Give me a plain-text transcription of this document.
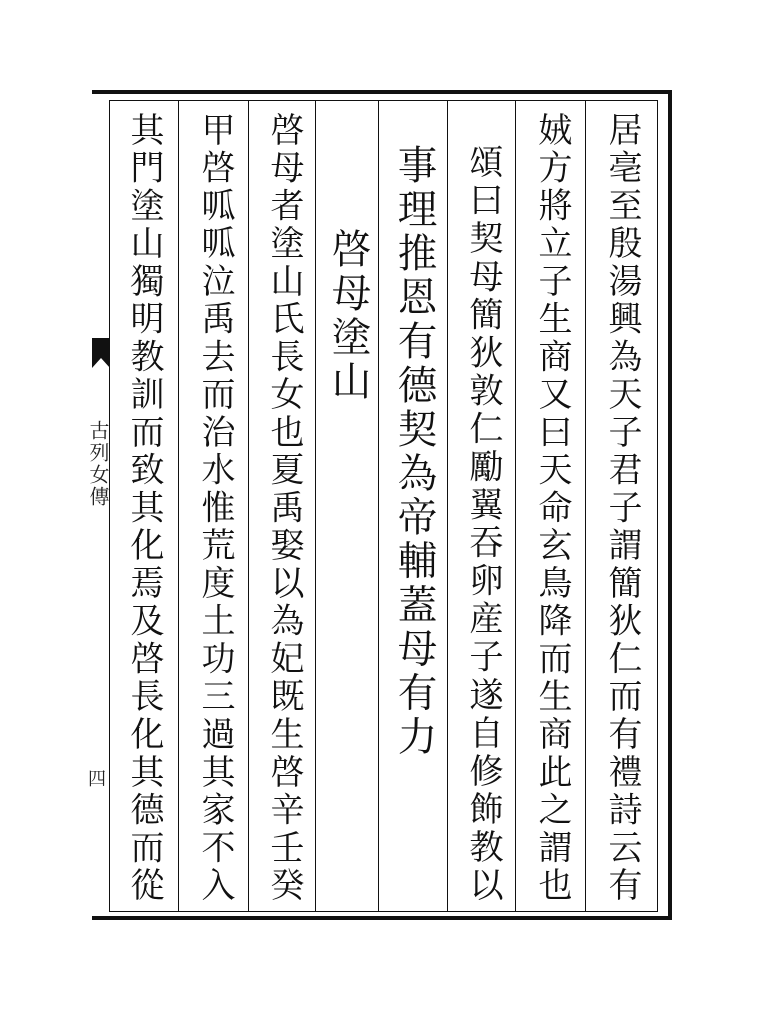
古列女傳
四	居亳至殷湯興為天子君子謂簡狄仁而有禮詩云有
娀方將立子生商又曰天命玄鳥降而生商此之謂也
頌曰契母簡狄敦仁勵翼吞卵産子遂自修飾教以
事理推恩有德契為帝輔蓋母有力
啓母塗山
啓母者塗山氏長女也夏禹娶以為妃既生啓辛壬癸
甲啓呱呱泣禹去而治水惟荒度土功三過其家不入
其門塗山獨明教訓而致其化焉及啓長化其德而從
